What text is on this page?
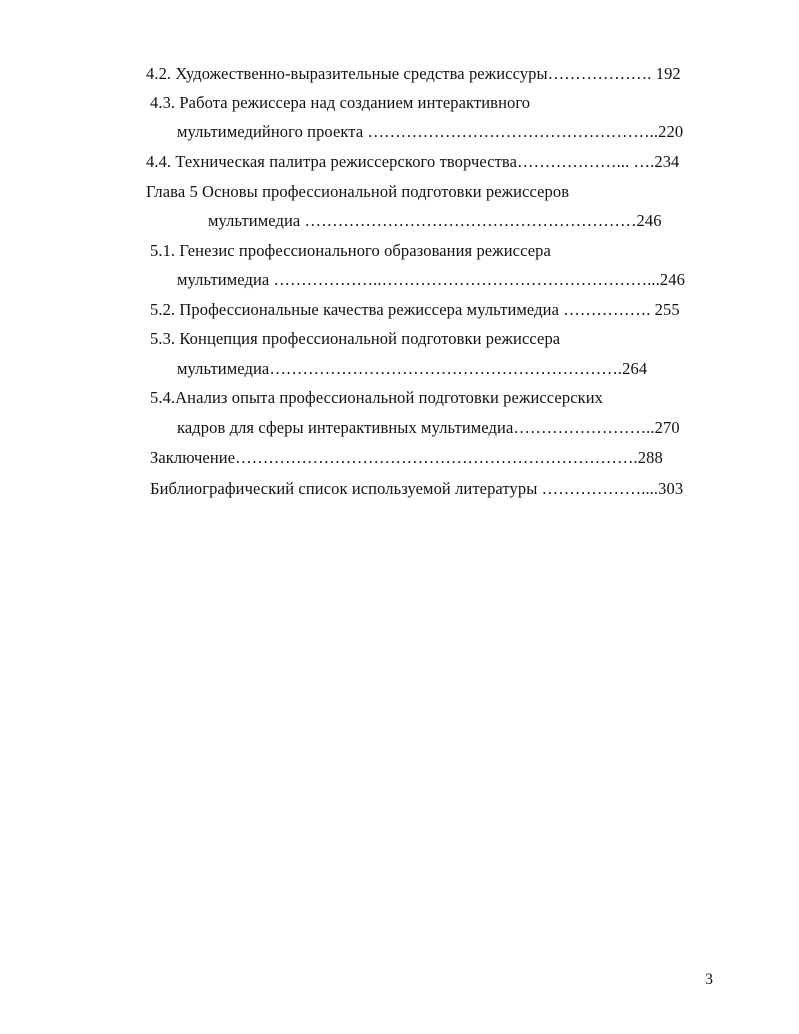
4.2. Художественно-выразительные средства режиссуры………………. 192
4.3. Работа режиссера над созданием интерактивного
мультимедийного проекта ……………………………………………..220
4.4. Техническая палитра режиссерского творчества………………... ….234
Глава 5 Основы профессиональной подготовки режиссеров
мультимедиа ……………………………………………………246
5.1. Генезис профессионального образования режиссера
мультимедиа ………………..…………………………………………...246
5.2. Профессиональные качества режиссера мультимедиа ……………. 255
5.3. Концепция профессиональной подготовки режиссера
мультимедиа……………………………………………………….264
5.4.Анализ опыта профессиональной подготовки режиссерских
кадров для сферы интерактивных мультимедиа……………………..270
Заключение……………………………………………………………….288
Библиографический список используемой литературы ………………....303
3
